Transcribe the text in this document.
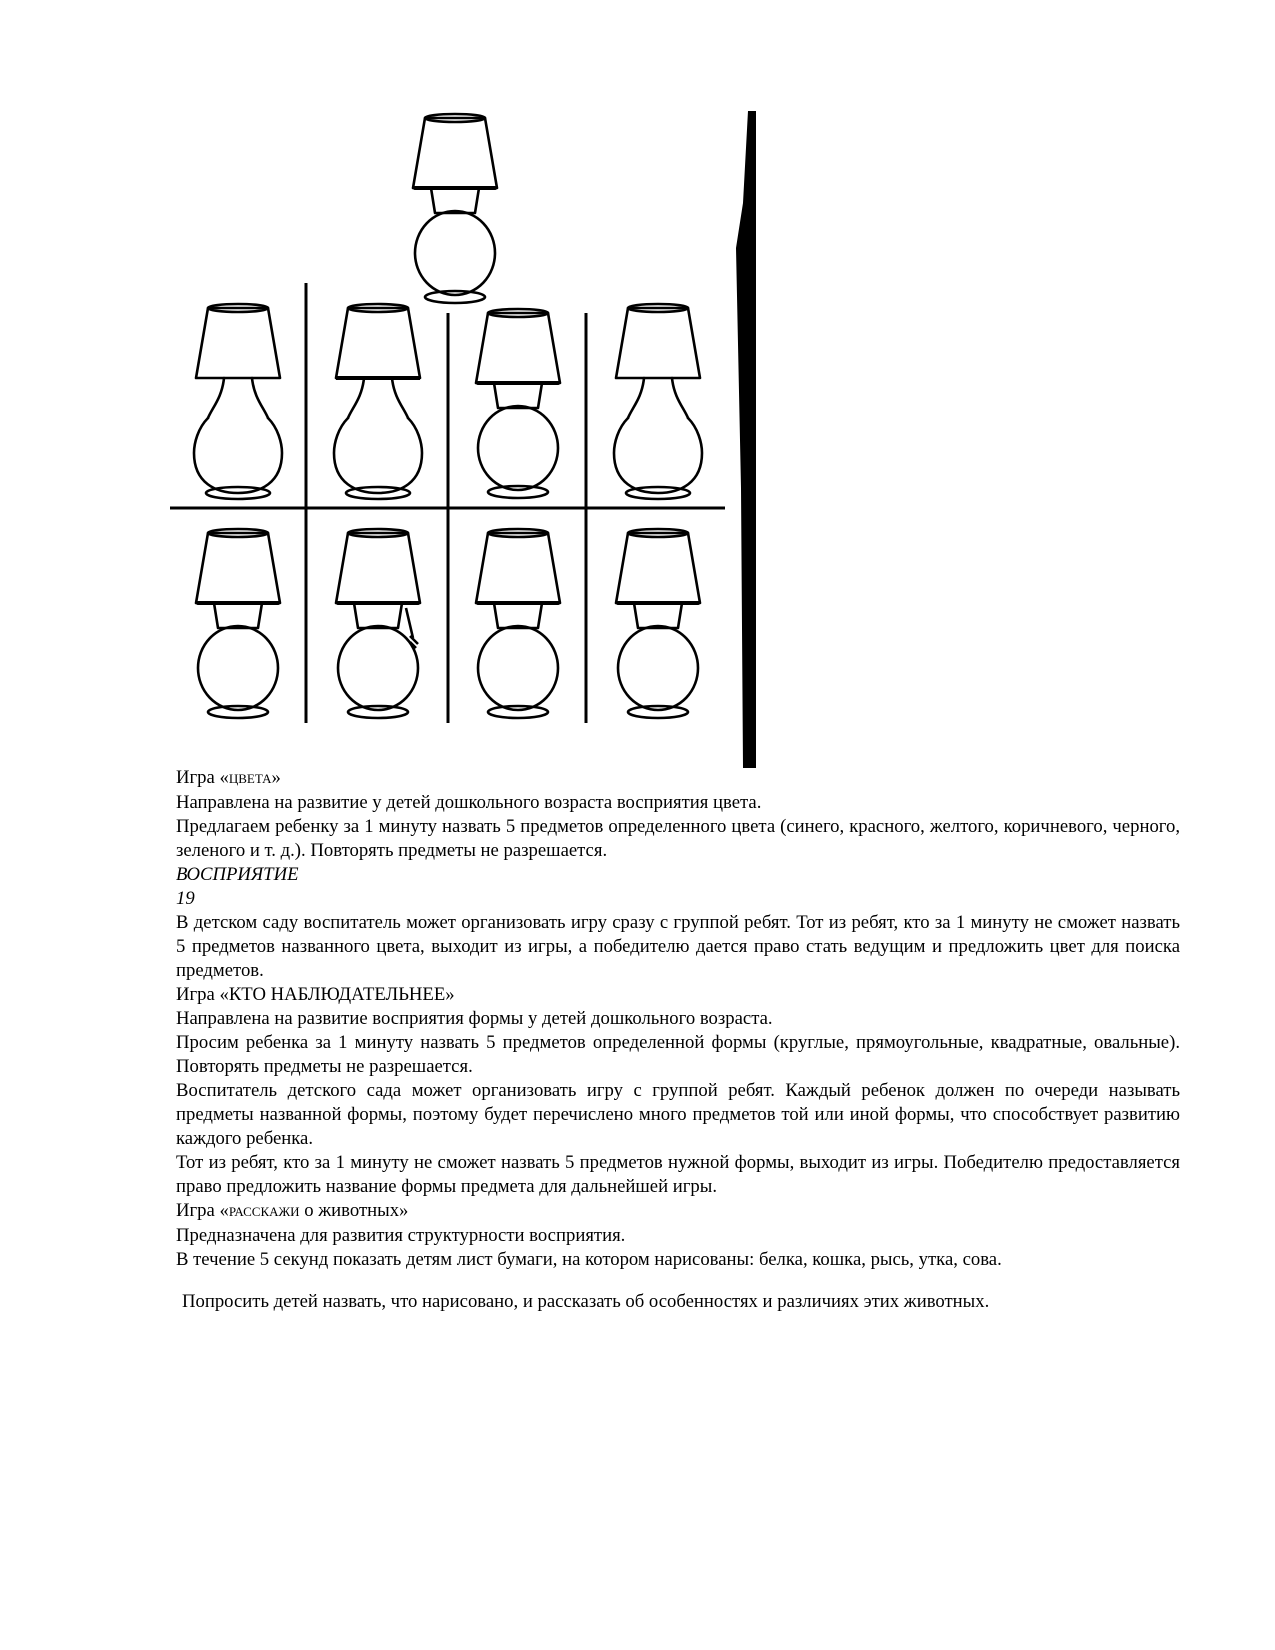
Игра «ЦВЕТА»

Направлена на развитие у детей дошкольного возраста восприятия цвета.

Предлагаем ребенку за 1 минуту назвать 5 предметов определенного цвета (синего, красного, желтого, коричневого, черного, зеленого и т. д.). Повторять предметы не разрешается.

ВОСПРИЯТИЕ

19

В детском саду воспитатель может организовать игру сразу с группой ребят. Тот из ребят, кто за 1 минуту не сможет назвать 5 предметов названного цвета, выходит из игры, а победителю дается право стать ведущим и предложить цвет для поиска предметов.

Игра «КТО НАБЛЮДАТЕЛЬНЕЕ»

Направлена на развитие восприятия формы у детей дошкольного возраста.

Просим ребенка за 1 минуту назвать 5 предметов определенной формы (круглые, прямоугольные, квадратные, овальные). Повторять предметы не разрешается.

Воспитатель детского сада может организовать игру с группой ребят. Каждый ребенок должен по очереди называть предметы названной формы, поэтому будет перечислено много предметов той или иной формы, что способствует развитию каждого ребенка.

Тот из ребят, кто за 1 минуту не сможет назвать 5 предметов нужной формы, выходит из игры. Победителю предоставляется право предложить название формы предмета для дальнейшей игры.

Игра «РАССКАЖИ о животных»

Предназначена для развития структурности восприятия.

В течение 5 секунд показать детям лист бумаги, на котором нарисованы: белка, кошка, рысь, утка, сова.

Попросить детей назвать, что нарисовано, и рассказать об особенностях и различиях этих животных.
